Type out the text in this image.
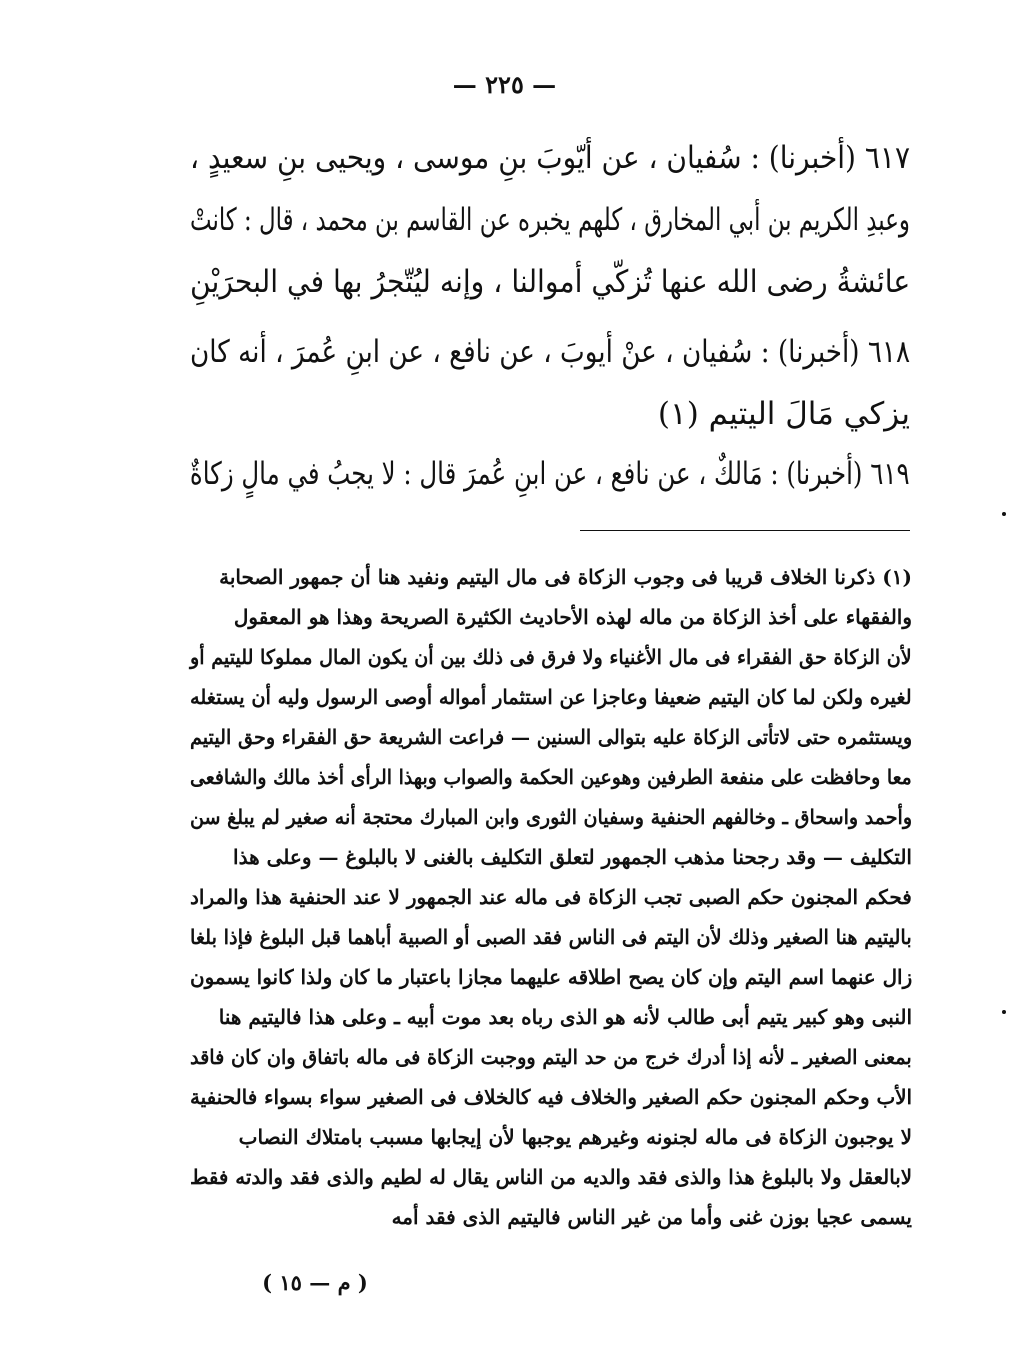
— ٢٢٥ —
٦١٧ (أخبرنا) : سُفيان ، عن أيّوبَ بنِ موسى ، ويحيى بنِ سعيدٍ ،
وعبدِ الكريم بن أبي المخارق ، كلهم يخبره عن القاسم بن محمد ، قال : كانتْ
عائشةُ رضى الله عنها تُزكّي أموالنا ، وإنه ليُتّجرُ بها في البحرَيْنِ
٦١٨ (أخبرنا) : سُفيان ، عنْ أيوبَ ، عن نافع ، عن ابنِ عُمرَ ، أنه كان
يزكي مَالَ اليتيم (١)
٦١٩ (أخبرنا) : مَالكٌ ، عن نافع ، عن ابنِ عُمرَ قال : لا يجبُ في مالٍ زكاةٌ
(١) ذكرنا الخلاف قريبا فى وجوب الزكاة فى مال اليتيم ونفيد هنا أن جمهور الصحابة
والفقهاء على أخذ الزكاة من ماله لهذه الأحاديث الكثيرة الصريحة وهذا هو المعقول
لأن الزكاة حق الفقراء فى مال الأغنياء ولا فرق فى ذلك بين أن يكون المال مملوكا لليتيم أو
لغيره ولكن لما كان اليتيم ضعيفا وعاجزا عن استثمار أمواله أوصى الرسول وليه أن يستغله
ويستثمره حتى لاتأتى الزكاة عليه بتوالى السنين — فراعت الشريعة حق الفقراء وحق اليتيم
معا وحافظت على منفعة الطرفين وهوعين الحكمة والصواب وبهذا الرأى أخذ مالك والشافعى
وأحمد واسحاق ـ وخالفهم الحنفية وسفيان الثورى وابن المبارك محتجة أنه صغير لم يبلغ سن
التكليف — وقد رجحنا مذهب الجمهور لتعلق التكليف بالغنى لا بالبلوغ — وعلى هذا
فحكم المجنون حكم الصبى تجب الزكاة فى ماله عند الجمهور لا عند الحنفية هذا والمراد
باليتيم هنا الصغير وذلك لأن اليتم فى الناس فقد الصبى أو الصبية أباهما قبل البلوغ فإذا بلغا
زال عنهما اسم اليتم وإن كان يصح اطلاقه عليهما مجازا باعتبار ما كان ولذا كانوا يسمون
النبى وهو كبير يتيم أبى طالب لأنه هو الذى رباه بعد موت أبيه ـ وعلى هذا فاليتيم هنا
بمعنى الصغير ـ لأنه إذا أدرك خرج من حد اليتم ووجبت الزكاة فى ماله باتفاق وان كان فاقد
الأب وحكم المجنون حكم الصغير والخلاف فيه كالخلاف فى الصغير سواء بسواء فالحنفية
لا يوجبون الزكاة فى ماله لجنونه وغيرهم يوجبها لأن إيجابها مسبب بامتلاك النصاب
لابالعقل ولا بالبلوغ هذا والذى فقد والديه من الناس يقال له لطيم والذى فقد والدته فقط
يسمى عجيا بوزن غنى وأما من غير الناس فاليتيم الذى فقد أمه
( م — ١٥ )
